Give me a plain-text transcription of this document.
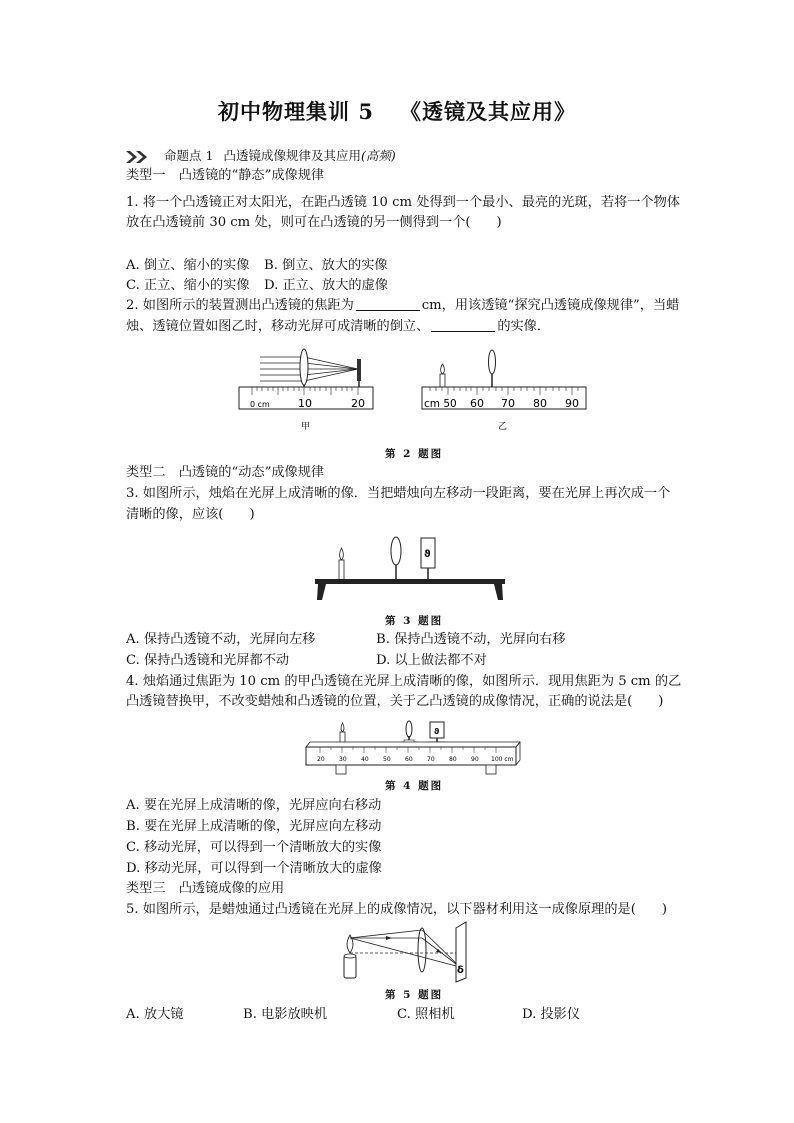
初中物理集训 5 《透镜及其应用》
命题点 1 凸透镜成像规律及其应用(高频)
类型一　凸透镜的“静态”成像规律
1. 将一个凸透镜正对太阳光，在距凸透镜 10 cm 处得到一个最小、最亮的光斑，若将一个物体
放在凸透镜前 30 cm 处，则可在凸透镜的另一侧得到一个( )
A. 倒立、缩小的实像 B. 倒立、放大的实像
C. 正立、缩小的实像 D. 正立、放大的虚像
2. 如图所示的装置测出凸透镜的焦距为	cm，用该透镜“探究凸透镜成像规律”，当蜡
烛、透镜位置如图乙时，移动光屏可成清晰的倒立、	的实像．
0 cm	10	20
甲
cm 50 60 70 80 90
乙
第 2 题图
类型二　凸透镜的“动态”成像规律
3. 如图所示，烛焰在光屏上成清晰的像．当把蜡烛向左移动一段距离，要在光屏上再次成一个
清晰的像，应该( )
ϑ
第 3 题图
A. 保持凸透镜不动，光屏向左移	B. 保持凸透镜不动，光屏向右移
C. 保持凸透镜和光屏都不动	D. 以上做法都不对
4. 烛焰通过焦距为 10 cm 的甲凸透镜在光屏上成清晰的像，如图所示．现用焦距为 5 cm 的乙
凸透镜替换甲，不改变蜡烛和凸透镜的位置，关于乙凸透镜的成像情况，正确的说法是( )
ϑ
20 30 40 50 60 70 80 90 100 cm
第 4 题图
A. 要在光屏上成清晰的像，光屏应向右移动
B. 要在光屏上成清晰的像，光屏应向左移动
C. 移动光屏，可以得到一个清晰放大的实像
D. 移动光屏，可以得到一个清晰放大的虚像
类型三　凸透镜成像的应用
5. 如图所示，是蜡烛通过凸透镜在光屏上的成像情况，以下器材利用这一成像原理的是( )
δ
第 5 题图
A. 放大镜	B. 电影放映机	C. 照相机	D. 投影仪
